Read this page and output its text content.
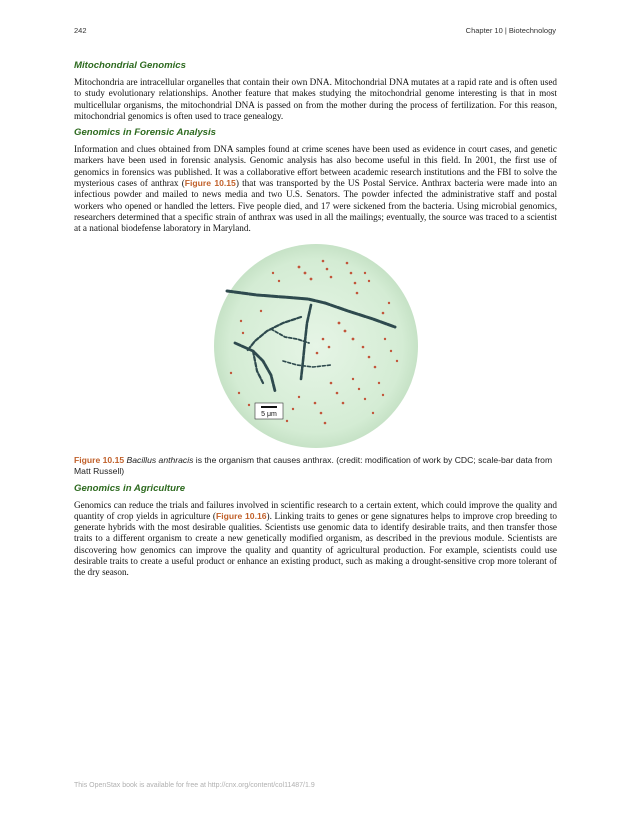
242	Chapter 10 | Biotechnology
Mitochondrial Genomics

Mitochondria are intracellular organelles that contain their own DNA. Mitochondrial DNA mutates at a rapid rate and is often used to study evolutionary relationships. Another feature that makes studying the mitochondrial genome interesting is that in most multicellular organisms, the mitochondrial DNA is passed on from the mother during the process of fertilization. For this reason, mitochondrial genomics is often used to trace genealogy.

Genomics in Forensic Analysis

Information and clues obtained from DNA samples found at crime scenes have been used as evidence in court cases, and genetic markers have been used in forensic analysis. Genomic analysis has also become useful in this field. In 2001, the first use of genomics in forensics was published. It was a collaborative effort between academic research institutions and the FBI to solve the mysterious cases of anthrax (Figure 10.15) that was transported by the US Postal Service. Anthrax bacteria were made into an infectious powder and mailed to news media and two U.S. Senators. The powder infected the administrative staff and postal workers who opened or handled the letters. Five people died, and 17 were sickened from the bacteria. Using microbial genomics, researchers determined that a specific strain of anthrax was used in all the mailings; eventually, the source was traced to a scientist at a national biodefense laboratory in Maryland.

5 μm

Figure 10.15 Bacillus anthracis is the organism that causes anthrax. (credit: modification of work by CDC; scale-bar data from Matt Russell)

Genomics in Agriculture

Genomics can reduce the trials and failures involved in scientific research to a certain extent, which could improve the quality and quantity of crop yields in agriculture (Figure 10.16). Linking traits to genes or gene signatures helps to improve crop breeding to generate hybrids with the most desirable qualities. Scientists use genomic data to identify desirable traits, and then transfer those traits to a different organism to create a new genetically modified organism, as described in the previous module. Scientists are discovering how genomics can improve the quality and quantity of agricultural production. For example, scientists could use desirable traits to create a useful product or enhance an existing product, such as making a drought-sensitive crop more tolerant of the dry season.

This OpenStax book is available for free at http://cnx.org/content/col11487/1.9
